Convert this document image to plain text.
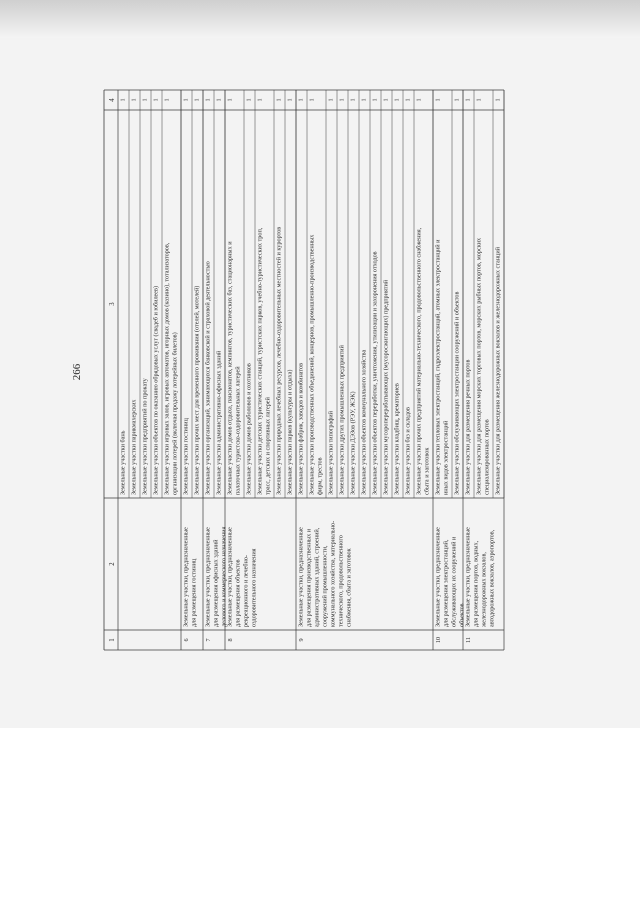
266
1
2
3
4
Земельные участки бань
1
Земельные участки парикмахерских
1
Земельные участки предприятий по прокату
1
Земельные участки объектов по оказанию обрядовых услуг (свадеб и юбилеев)
1
Земельные участки игровых залов, игровых автоматов, игорных домов (казино), тотализаторов, организации лотерей (включая продажу лотерейных билетов)
1
Земельные участки гостиниц
1
Земельные участки прочих мест для временного проживания (отелей, мотелей)
1
6
Земельные участки, предназначенные для размещения гостиниц
Земельные участки организаций, занимающихся банковской и страховой деятельностью
1
Земельные участки административно-офисных зданий
1
7
Земельные участки, предназначенные для размещения офисных зданий делового и коммерческого назначения
Земельные участки домов отдыха, пансионатов, кемпингов, туристических баз, стационарных и палаточных туристско-оздоровительных лагерей
1
Земельные участки домов рыболовов и охотников
1
Земельные участки детских туристических станций, туристских парков, учебно-туристических троп, трасс, детских и спортивных лагерей
1
Земельные участки природных лечебных ресурсов, лечебно-оздоровительных местностей и курортов
1
Земельные участки парков (культуры и отдыха)
1
8
Земельные участки, предназначенные для размещения объектов рекреационного и лечебно- оздоровительного назначения
Земельные участки фабрик, заводов и комбинатов
1
Земельные участки производственных объединений, концернов, промышленно-производственных фирм, трестов
1
Земельные участки типографий
1
Земельные участки других промышленных предприятий
1
Земельные участки ДЭЗов (РЭУ, ЖЭК)
1
Земельные участки объектов коммунального хозяйства
1
Земельные участки объектов переработки, уничтожения, утилизации и захоронения отходов
1
Земельные участки мусороперерабатывающих (мусоросжигающих) предприятий
1
Земельные участки кладбищ, крематориев
1
Земельные участки баз и складов
1
Земельные участки прочих предприятий материально-технического, продовольственного снабжения, сбыта и заготовок
1
9
Земельные участки, предназначенные для размещения производственных и административных зданий, строений, сооружений промышленности, коммунального хозяйства, материально- технического, продовольственного снабжения, сбыта и заготовок
Земельные участки тепловых электростанций, гидроэлектростанций, атомных электростанций и иных видов электростанций
1
Земельные участки обслуживающих электростанции сооружений и объектов
1
10
Земельные участки, предназначенные для размещения электростанций, обслуживающих их сооружений и объектов
Земельные участки для размещения речных портов
1
Земельные участки для размещения морских торговых портов, морских рыбных портов, морских специализированных портов
1
Земельные участки для размещения железнодорожных вокзалов и железнодорожных станций
1
11
Земельные участки, предназначенные для размещения портов, водных, железнодорожных вокзалов, автодорожных вокзалов, аэропортов,
